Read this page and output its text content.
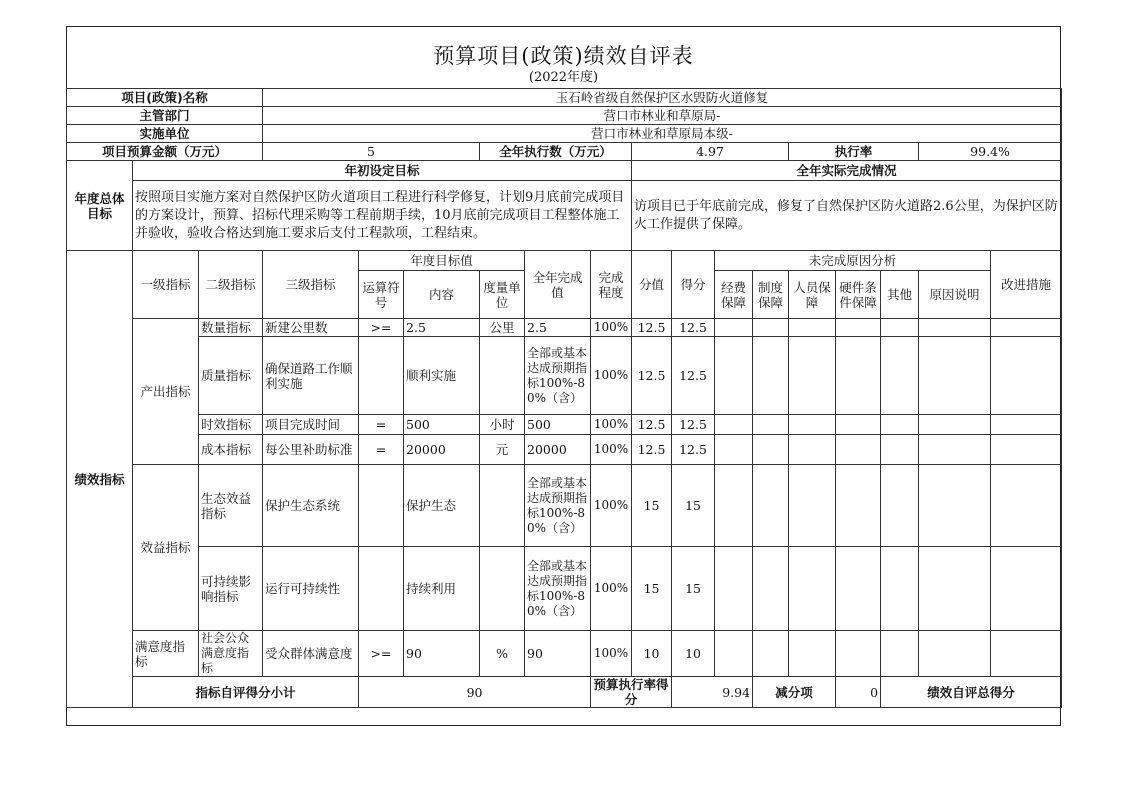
预算项目(政策)绩效自评表
(2022年度)
项目(政策)名称			玉石岭省级自然保护区水毁防火道修复															
主管部门			营口市林业和草原局-															
实施单位			营口市林业和草原局本级-															
项目预算金额（万元）			5			全年执行数（万元）			4.97				执行率			99.4%		
年度总体目标	年初设定目标								全年实际完成情况									
	按照项目实施方案对自然保护区防火道项目工程进行科学修复，计划9月底前完成项目的方案设计，预算、招标代理采购等工程前期手续，10月底前完成项目工程整体施工并验收，验收合格达到施工要求后支付工程款项，工程结束。								访项目已于年底前完成，修复了自然保护区防火道路2.6公里，为保护区防火工作提供了保障。									
绩效指标	一级指标	二级指标	三级指标	年度目标值			全年完成值	完成程度	分值	得分	未完成原因分析						改进措施	
				运算符号	内容	度量单位					经费保障	制度保障	人员保障	硬件条件保障	其他	原因说明		
	产出指标	数量指标	新建公里数	>=	2.5	公里	2.5	100%	12.5	12.5								
		质量指标	确保道路工作顺利实施		顺利实施		全部或基本达成预期指标100%-80%（含）	100%	12.5	12.5								

		时效指标	项目完成时间	=	500	小时	500	100%	12.5	12.5								
		成本指标	每公里补助标准	=	20000	元	20000	100%	12.5	12.5								
	效益指标	生态效益指标	保护生态系统		保护生态		全部或基本达成预期指标100%-80%（含）	100%	15	15								
		可持续影响指标	运行可持续性		持续利用		全部或基本达成预期指标100%-80%（含）	100%	15	15								
	满意度指标	社会公众满意度指标	受众群体满意度	>=	90	%	90	100%	10	10								
	指标自评得分小计			90				预算执行率得分		9.94		减分项		0	绩效自评总得分	
